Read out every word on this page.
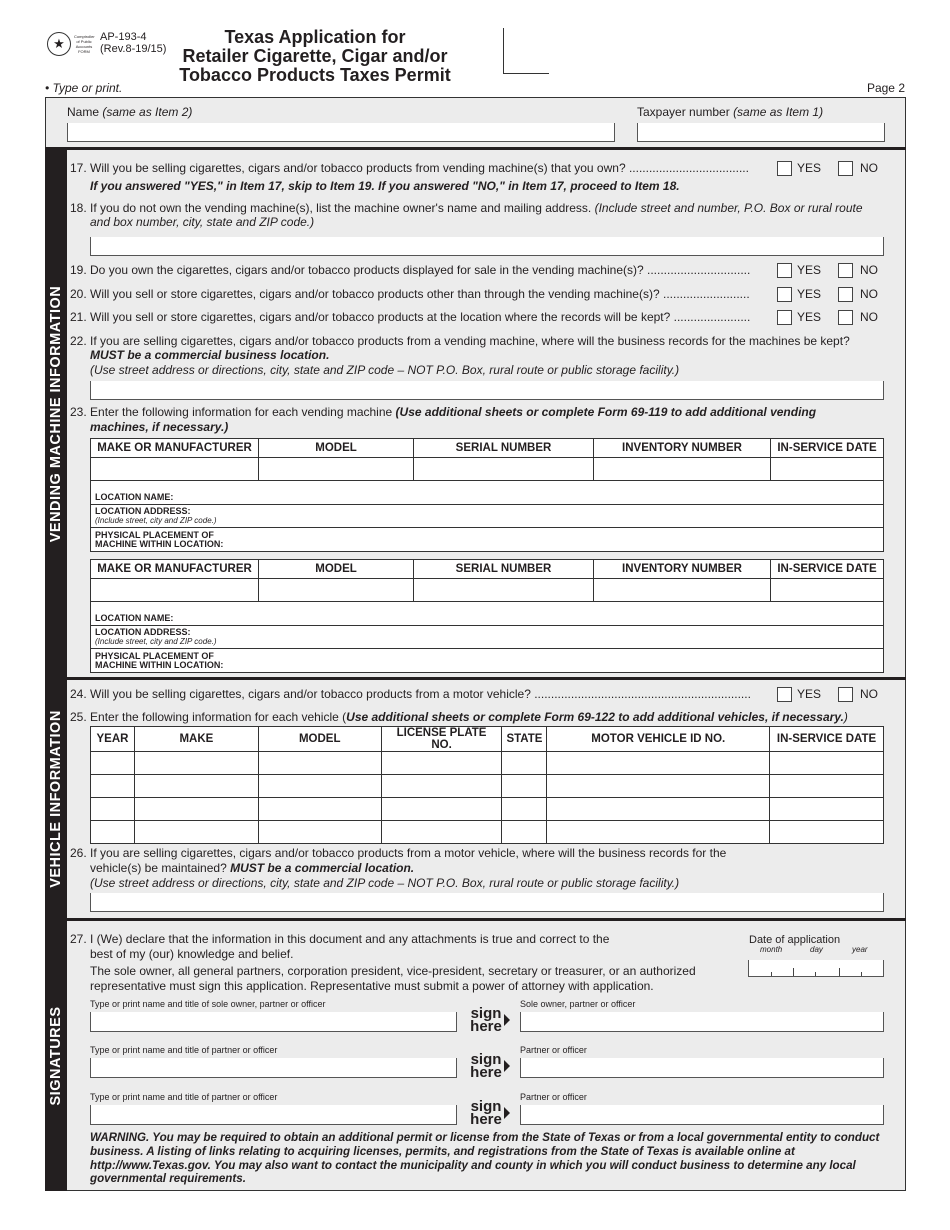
★	Comptroller of Public Accounts FORM
AP-193-4
(Rev.8-19/15)
Texas Application for
Retailer Cigarette, Cigar and/or
Tobacco Products Taxes Permit
• Type or print.	Page 2
Name (same as Item 2)	Taxpayer number (same as Item 1)
VENDING MACHINE INFORMATION
VEHICLE INFORMATION
SIGNATURES
17. Will you be selling cigarettes, cigars and/or tobacco products from vending machine(s) that you own? ....................................
If you answered "YES," in Item 17, skip to Item 19. If you answered "NO," in Item 17, proceed to Item 18.
18. If you do not own the vending machine(s), list the machine owner's name and mailing address. (Include street and number, P.O. Box or rural route
and box number, city, state and ZIP code.)
19. Do you own the cigarettes, cigars and/or tobacco products displayed for sale in the vending machine(s)? ...............................
20. Will you sell or store cigarettes, cigars and/or tobacco products other than through the vending machine(s)? ..........................
21. Will you sell or store cigarettes, cigars and/or tobacco products at the location where the records will be kept? .......................
22. If you are selling cigarettes, cigars and/or tobacco products from a vending machine, where will the business records for the machines be kept?
MUST be a commercial business location.
(Use street address or directions, city, state and ZIP code – NOT P.O. Box, rural route or public storage facility.)
23. Enter the following information for each vending machine (Use additional sheets or complete Form 69-119 to add additional vending
machines, if necessary.)
24. Will you be selling cigarettes, cigars and/or tobacco products from a motor vehicle? .................................................................
25. Enter the following information for each vehicle (Use additional sheets or complete Form 69-122 to add additional vehicles, if necessary.)
26. If you are selling cigarettes, cigars and/or tobacco products from a motor vehicle, where will the business records for the
vehicle(s) be maintained? MUST be a commercial location.
(Use street address or directions, city, state and ZIP code – NOT P.O. Box, rural route or public storage facility.)
27. I (We) declare that the information in this document and any attachments is true and correct to the
best of my (our) knowledge and belief.
The sole owner, all general partners, corporation president, vice-president, secretary or treasurer, or an authorized
representative must sign this application. Representative must submit a power of attorney with application.
Date of application
month	day	year
WARNING. You may be required to obtain an additional permit or license from the State of Texas or from a local governmental entity to conduct business. A listing of links relating to acquiring licenses, permits, and registrations from the State of Texas is available online at http://www.Texas.gov. You may also want to contact the municipality and county in which you will conduct business to determine any local governmental requirements.
YES	NO
YES	NO
YES	NO
YES	NO
YES	NO
MAKE OR MANUFACTURER	MODEL	SERIAL NUMBER	INVENTORY NUMBER	IN-SERVICE DATE

LOCATION NAME:				

LOCATION ADDRESS:
(Include street, city and ZIP code.)				

PHYSICAL PLACEMENT OF
MACHINE WITHIN LOCATION:				
MAKE OR MANUFACTURER	MODEL	SERIAL NUMBER	INVENTORY NUMBER	IN-SERVICE DATE

LOCATION NAME:				

LOCATION ADDRESS:
(Include street, city and ZIP code.)				

PHYSICAL PLACEMENT OF
MACHINE WITHIN LOCATION:				
YEAR	MAKE	MODEL	LICENSE PLATE NO.	STATE	MOTOR VEHICLE ID NO.	IN-SERVICE DATE

Type or print name and title of sole owner, partner or officer	Sole owner, partner or officer
sign
here
Type or print name and title of partner or officer	Partner or officer
sign
here
Type or print name and title of partner or officer	Partner or officer
sign
here
